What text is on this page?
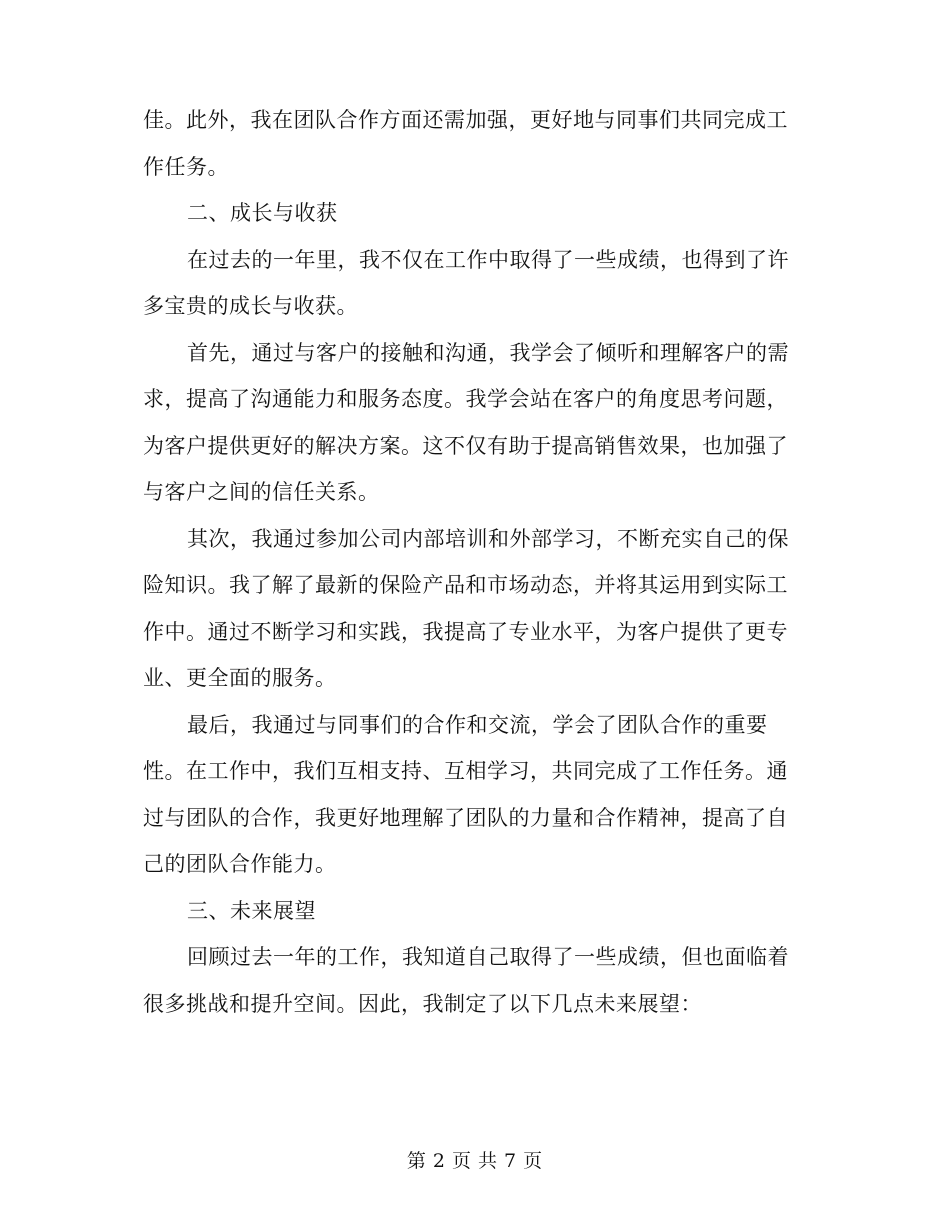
佳。此外，我在团队合作方面还需加强，更好地与同事们共同完成工
作任务。
二、成长与收获
在过去的一年里，我不仅在工作中取得了一些成绩，也得到了许
多宝贵的成长与收获。
首先，通过与客户的接触和沟通，我学会了倾听和理解客户的需
求，提高了沟通能力和服务态度。我学会站在客户的角度思考问题，
为客户提供更好的解决方案。这不仅有助于提高销售效果，也加强了
与客户之间的信任关系。
其次，我通过参加公司内部培训和外部学习，不断充实自己的保
险知识。我了解了最新的保险产品和市场动态，并将其运用到实际工
作中。通过不断学习和实践，我提高了专业水平，为客户提供了更专
业、更全面的服务。
最后，我通过与同事们的合作和交流，学会了团队合作的重要
性。在工作中，我们互相支持、互相学习，共同完成了工作任务。通
过与团队的合作，我更好地理解了团队的力量和合作精神，提高了自
己的团队合作能力。
三、未来展望
回顾过去一年的工作，我知道自己取得了一些成绩，但也面临着
很多挑战和提升空间。因此，我制定了以下几点未来展望：
第 2 页 共 7 页
